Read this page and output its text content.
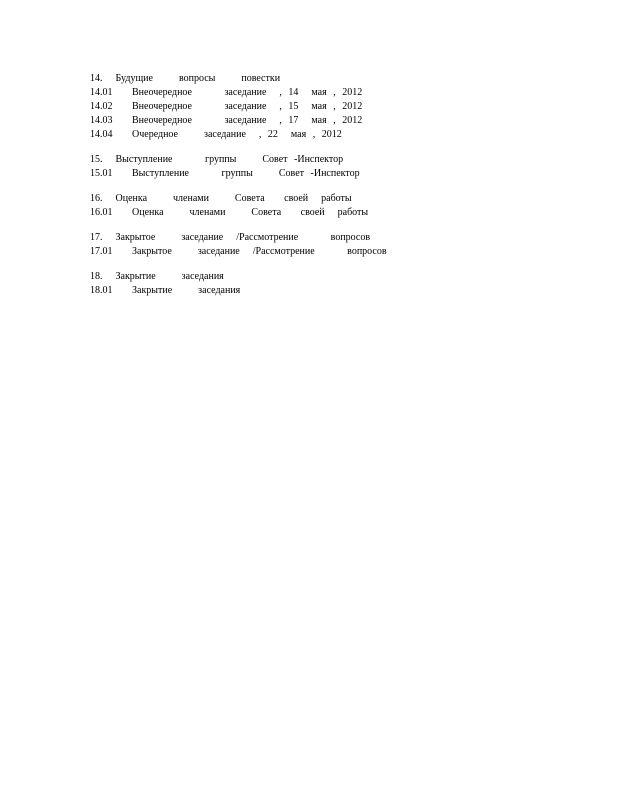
14.  Будущие    вопросы    повестки
14.01   Внеочередное     заседание  , 14  мая , 2012
14.02   Внеочередное     заседание  , 15  мая , 2012
14.03   Внеочередное     заседание  , 17  мая , 2012
14.04   Очередное    заседание  , 22  мая , 2012
15.  Выступление     группы    Совет -Инспектор
15.01   Выступление     группы    Совет -Инспектор
16.  Оценка    членами    Совета   своей  работы
16.01   Оценка    членами    Совета   своей  работы
17.  Закрытое    заседание  /Рассмотрение     вопросов
17.01   Закрытое    заседание  /Рассмотрение     вопросов
18.  Закрытие    заседания
18.01   Закрытие    заседания
